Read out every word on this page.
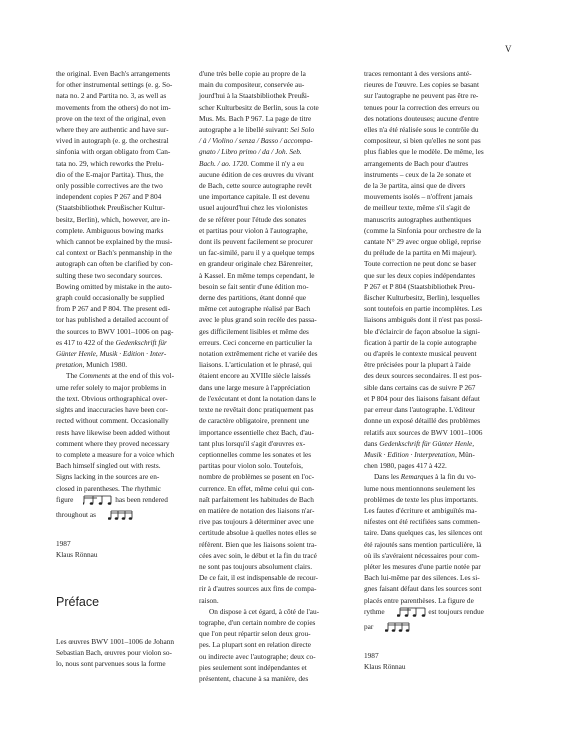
V

the original. Even Bach's arrangements
for other instrumental settings (e. g. So-
nata no. 2 and Partita no. 3, as well as
movements from the others) do not im-
prove on the text of the original, even
where they are authentic and have sur-
vived in autograph (e. g. the orchestral
sinfonia with organ obligato from Can-
tata no. 29, which reworks the Prelu-
dio of the E-major Partita). Thus, the
only possible correctives are the two
independent copies P 267 and P 804
(Staatsbibliothek Preußischer Kultur-
besitz, Berlin), which, however, are in-
complete. Ambiguous bowing marks
which cannot be explained by the musi-
cal context or Bach's penmanship in the
autograph can often be clarified by con-
sulting these two secondary sources.
Bowing omitted by mistake in the auto-
graph could occasionally be supplied
from P 267 and P 804. The present edi-
tor has published a detailed account of
the sources to BWV 1001–1006 on pag-
es 417 to 422 of the Gedenkschrift für
Günter Henle, Musik · Edition · Inter-
pretation, Munich 1980.

The Comments at the end of this vol-
ume refer solely to major problems in
the text. Obvious orthographical over-
sights and inaccuracies have been cor-
rected without comment. Occasionally
rests have likewise been added without
comment where they proved necessary
to complete a measure for a voice which
Bach himself singled out with rests.
Signs lacking in the sources are en-
closed in parentheses. The rhythmic
figure	has been rendered
throughout as

1987

Klaus Rönnau

Préface

Les œuvres BWV 1001–1006 de Johann
Sebastian Bach, œuvres pour violon so-
lo, nous sont parvenues sous la forme

d'une très belle copie au propre de la
main du compositeur, conservée au-
jourd'hui à la Staatsbibliothek Preußi-
scher Kulturbesitz de Berlin, sous la cote
Mus. Ms. Bach P 967. La page de titre
autographe a le libellé suivant: Sei Solo
/ à / Violino / senza / Basso / accompa-
gnato / Libro primo / da / Joh. Seb.
Bach. / ao. 1720. Comme il n'y a eu
aucune édition de ces œuvres du vivant
de Bach, cette source autographe revêt
une importance capitale. Il est devenu
usuel aujourd'hui chez les violonistes
de se référer pour l'étude des sonates
et partitas pour violon à l'autographe,
dont ils peuvent facilement se procurer
un fac-similé, paru il y a quelque temps
en grandeur originale chez Bärenreiter,
à Kassel. En même temps cependant, le
besoin se fait sentir d'une édition mo-
derne des partitions, étant donné que
même cet autographe réalisé par Bach
avec le plus grand soin recèle des passa-
ges difficilement lisibles et même des
erreurs. Ceci concerne en particulier la
notation extrêmement riche et variée des
liaisons. L'articulation et le phrasé, qui
étaient encore au XVIIIe siècle laissés
dans une large mesure à l'appréciation
de l'exécutant et dont la notation dans le
texte ne revêtait donc pratiquement pas
de caractère obligatoire, prennent une
importance essentielle chez Bach, d'au-
tant plus lorsqu'il s'agit d'œuvres ex-
ceptionnelles comme les sonates et les
partitas pour violon solo. Toutefois,
nombre de problèmes se posent en l'oc-
currence. En effet, même celui qui con-
naît parfaitement les habitudes de Bach
en matière de notation des liaisons n'ar-
rive pas toujours à déterminer avec une
certitude absolue à quelles notes elles se
réfèrent. Bien que les liaisons soient tra-
cées avec soin, le début et la fin du tracé
ne sont pas toujours absolument clairs.
De ce fait, il est indispensable de recour-
rir à d'autres sources aux fins de compa-
raison.

On dispose à cet égard, à côté de l'au-
tographe, d'un certain nombre de copies
que l'on peut répartir selon deux grou-
pes. La plupart sont en relation directe
ou indirecte avec l'autographe; deux co-
pies seulement sont indépendantes et
présentent, chacune à sa manière, des

traces remontant à des versions anté-
rieures de l'œuvre. Les copies se basant
sur l'autographe ne peuvent pas être re-
tenues pour la correction des erreurs ou
des notations douteuses; aucune d'entre
elles n'a été réalisée sous le contrôle du
compositeur, si bien qu'elles ne sont pas
plus fiables que le modèle. De même, les
arrangements de Bach pour d'autres
instruments – ceux de la 2e sonate et
de la 3e partita, ainsi que de divers
mouvements isolés – n'offrent jamais
de meilleur texte, même s'il s'agit de
manuscrits autographes authentiques
(comme la Sinfonia pour orchestre de la
cantate N° 29 avec orgue obligé, reprise
du prélude de la partita en Mi majeur).
Toute correction ne peut donc se baser
que sur les deux copies indépendantes
P 267 et P 804 (Staatsbibliothek Preu-
ßischer Kulturbesitz, Berlin), lesquelles
sont toutefois en partie incomplètes. Les
liaisons ambiguës dont il n'est pas possi-
ble d'éclaircir de façon absolue la signi-
fication à partir de la copie autographe
ou d'après le contexte musical peuvent
être précisées pour la plupart à l'aide
des deux sources secondaires. Il est pos-
sible dans certains cas de suivre P 267
et P 804 pour des liaisons faisant défaut
par erreur dans l'autographe. L'éditeur
donne un exposé détaillé des problèmes
relatifs aux sources de BWV 1001–1006
dans Gedenkschrift für Günter Henle,
Musik · Edition · Interpretation, Mün-
chen 1980, pages 417 à 422.

Dans les Remarques à la fin du vo-
lume nous mentionnons seulement les
problèmes de texte les plus importants.
Les fautes d'écriture et ambiguïtés ma-
nifestes ont été rectifiées sans commen-
taire. Dans quelques cas, les silences ont
été rajoutés sans mention particulière, là
où ils s'avéraient nécessaires pour com-
pléter les mesures d'une partie notée par
Bach lui-même par des silences. Les si-
gnes faisant défaut dans les sources sont
placés entre parenthèses. La figure de
rythme	est toujours rendue
par

1987

Klaus Rönnau
